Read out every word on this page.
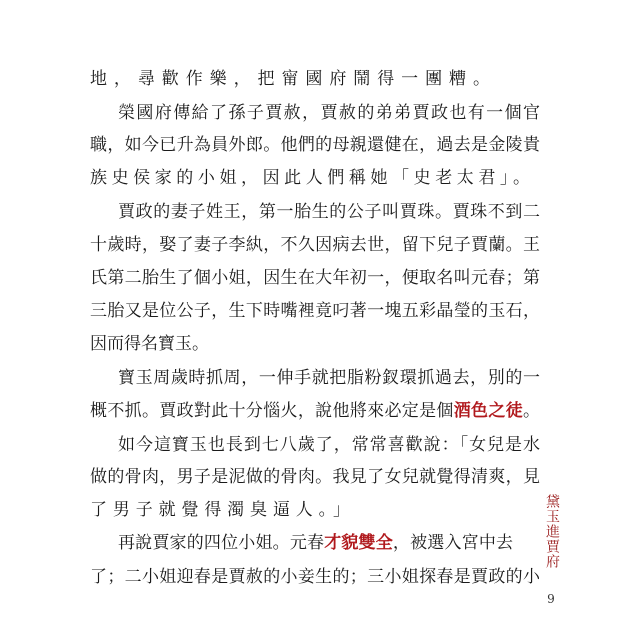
地，尋歡作樂，把甯國府鬧得一團糟。
榮國府傳給了孫子賈赦，賈赦的弟弟賈政也有一個官
職，如今已升為員外郎。他們的母親還健在，過去是金陵貴
族史侯家的小姐，因此人們稱她「史老太君」。
賈政的妻子姓王，第一胎生的公子叫賈珠。賈珠不到二
十歲時，娶了妻子李紈，不久因病去世，留下兒子賈蘭。王
氏第二胎生了個小姐，因生在大年初一，便取名叫元春；第
三胎又是位公子，生下時嘴裡竟叼著一塊五彩晶瑩的玉石，
因而得名寶玉。
寶玉周歲時抓周，一伸手就把脂粉釵環抓過去，別的一
概不抓。賈政對此十分惱火，說他將來必定是個酒色之徒。
如今這寶玉也長到七八歲了，常常喜歡說：「女兒是水
做的骨肉，男子是泥做的骨肉。我見了女兒就覺得清爽，見
了男子就覺得濁臭逼人。」
再說賈家的四位小姐。元春才貌雙全，被選入宮中去
了；二小姐迎春是賈赦的小妾生的；三小姐探春是賈政的小
黛玉進賈府
9
